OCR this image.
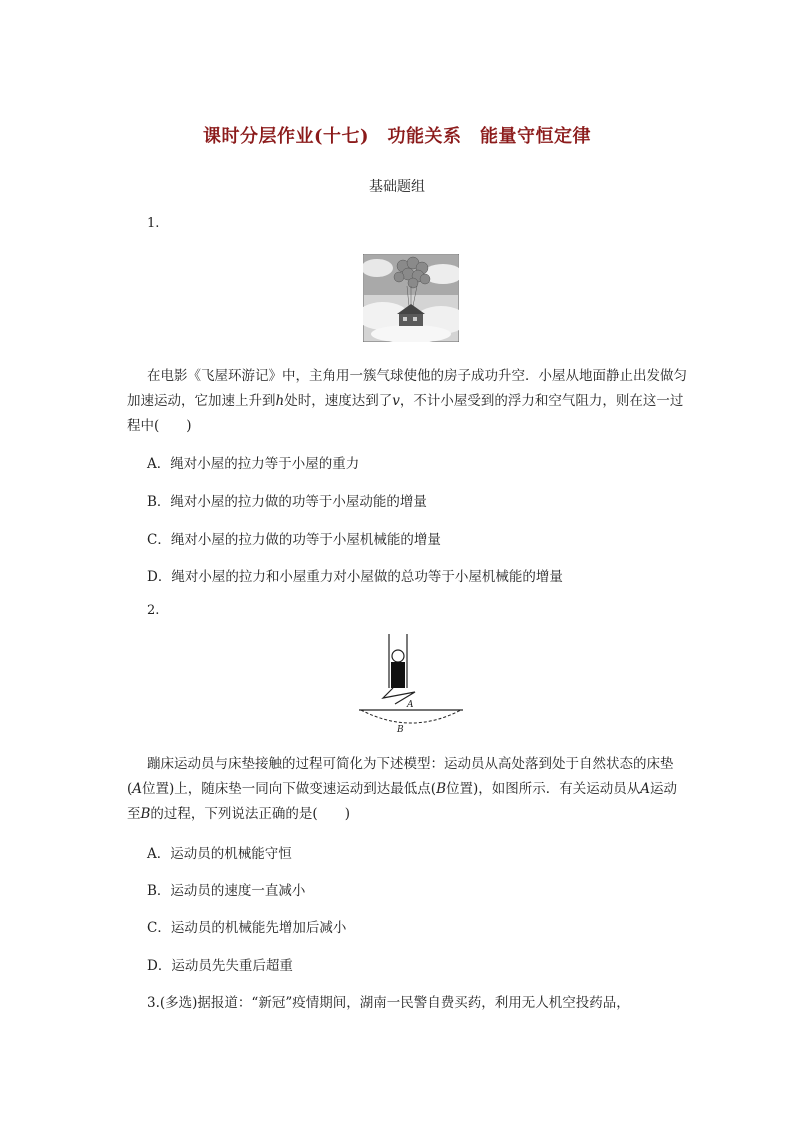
课时分层作业(十七)　功能关系　能量守恒定律
基础题组
1.
在电影《飞屋环游记》中，主角用一簇气球使他的房子成功升空．小屋从地面静止出发做匀加速运动，它加速上升到h处时，速度达到了v，不计小屋受到的浮力和空气阻力，则在这一过程中(　　)
A．绳对小屋的拉力等于小屋的重力
B．绳对小屋的拉力做的功等于小屋动能的增量
C．绳对小屋的拉力做的功等于小屋机械能的增量
D．绳对小屋的拉力和小屋重力对小屋做的总功等于小屋机械能的增量
2.
A
B
蹦床运动员与床垫接触的过程可简化为下述模型：运动员从高处落到处于自然状态的床垫(A位置)上，随床垫一同向下做变速运动到达最低点(B位置)，如图所示．有关运动员从A运动至B的过程，下列说法正确的是(　　)
A．运动员的机械能守恒
B．运动员的速度一直减小
C．运动员的机械能先增加后减小
D．运动员先失重后超重
3.(多选)据报道：“新冠”疫情期间，湖南一民警自费买药，利用无人机空投药品，
